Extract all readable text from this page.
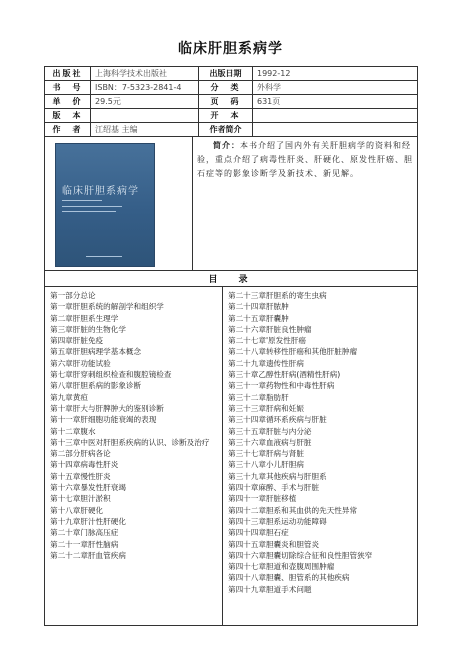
临床肝胆系病学
出版社	上海科学技术出版社	出版日期	1992-12
书　号	ISBN：7-5323-2841-4	分　类	外科学
单　价	29.5元	页　码	631页
版　本	开　本
作　者	江绍基 主编	作者简介
临床肝胆系病学
简介：本书介绍了国内外有关肝胆病学的资料和经验，重点介绍了病毒性肝炎、肝硬化、原发性肝癌、胆石症等的影象诊断学及新技术、新见解。
目　录
第一部分总论
第一章肝胆系统的解剖学和组织学
第二章肝胆系生理学
第三章肝脏的生物化学
第四章肝脏免疫
第五章肝胆病理学基本概念
第六章肝功能试验
第七章肝穿刺组织检查和腹腔镜检查
第八章肝胆系病的影象诊断
第九章黄疸
第十章肝大与肝脾肿大的鉴别诊断
第十一章肝细胞功能衰竭的表现
第十二章腹水
第十三章中医对肝胆系疾病的认识、诊断及治疗
第二部分肝病各论
第十四章病毒性肝炎
第十五章慢性肝炎
第十六章暴发性肝衰竭
第十七章胆汁淤积
第十八章肝硬化
第十九章肝汁性肝硬化
第二十章门脉高压症
第二十一章肝性脑病
第二十二章肝血管疾病
第二十三章肝胆系的寄生虫病
第二十四章肝脓肿
第二十五章肝囊肿
第二十六章肝脏良性肿瘤
第二十七章'原发性肝癌
第二十八章转移性肝癌和其他肝脏肿瘤
第二十九章遗传性肝病
第三十章乙醇性肝病(酒精性肝病)
第三十一章药物性和中毒性肝病
第三十二章脂肪肝
第三十三章肝病和妊娠
第三十四章循环系疾病与肝脏
第三十五章肝脏与内分泌
第三十六章血液病与肝脏
第三十七章肝病与肾脏
第三十八章小儿肝胆病
第三十九章其他疾病与肝胆系
第四十章麻醉、手术与肝脏
第四十一章肝脏移植
第四十二章胆系和其血供的先天性异常
第四十三章胆系运动功能障碍
第四十四章胆石症
第四十五章胆囊炎和胆管炎
第四十六章胆囊切除综合征和良性胆管狭窄
第四十七章胆道和壶腹周围肿瘤
第四十八章胆囊、胆管系的其他疾病
第四十九章胆道手术问题
